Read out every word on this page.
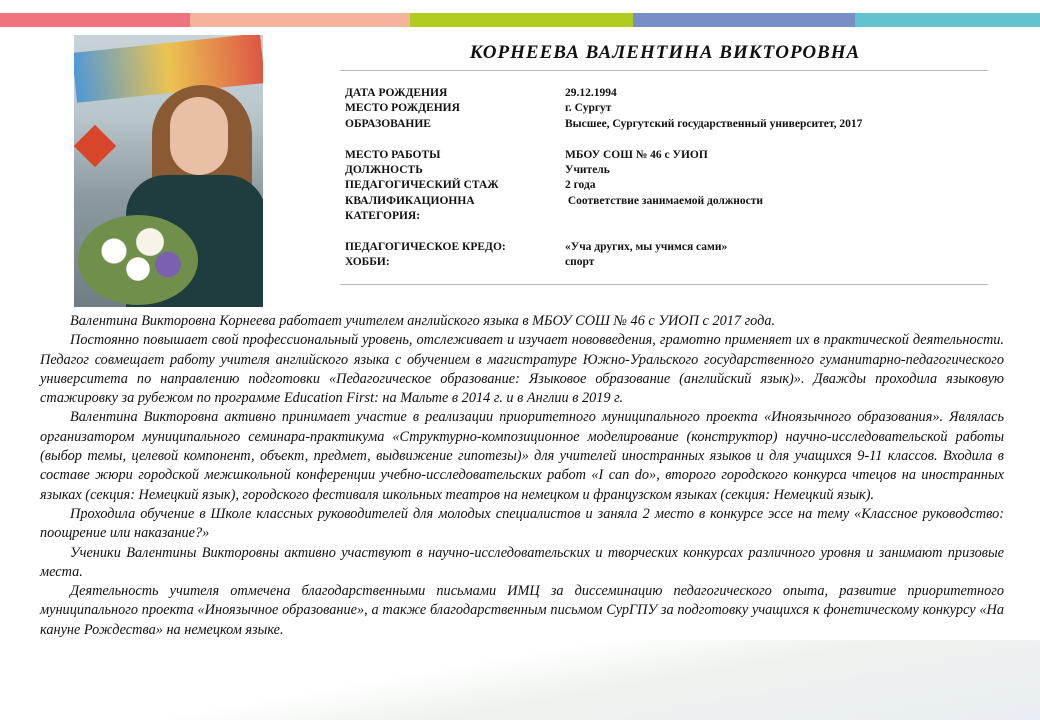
КОРНЕЕВА ВАЛЕНТИНА ВИКТОРОВНА
ДАТА РОЖДЕНИЯ	29.12.1994
МЕСТО РОЖДЕНИЯ	г. Сургут
ОБРАЗОВАНИЕ	Высшее, Сургутский государственный университет, 2017
МЕСТО РАБОТЫ	МБОУ СОШ № 46 с УИОП
ДОЛЖНОСТЬ	Учитель
ПЕДАГОГИЧЕСКИЙ СТАЖ	2 года
КВАЛИФИКАЦИОННА	Соответствие занимаемой должности
КАТЕГОРИЯ:
ПЕДАГОГИЧЕСКОЕ КРЕДО:	«Уча других, мы учимся сами»
ХОББИ:	спорт

Валентина Викторовна Корнеева работает учителем английского языка в МБОУ СОШ № 46 с УИОП с 2017 года.

Постоянно повышает свой профессиональный уровень, отслеживает и изучает нововведения, грамотно применяет их в практической деятельности. Педагог совмещает работу учителя английского языка с обучением в магистратуре Южно-Уральского государственного гуманитарно-педагогического университета по направлению подготовки «Педагогическое образование: Языковое образование (английский язык)». Дважды проходила языковую стажировку за рубежом по программе Education First: на Мальте в 2014 г. и в Англии в 2019 г.

Валентина Викторовна активно принимает участие в реализации приоритетного муниципального проекта «Иноязычного образования». Являлась организатором муниципального семинара-практикума «Структурно-композиционное моделирование (конструктор) научно-исследовательской работы (выбор темы, целевой компонент, объект, предмет, выдвижение гипотезы)» для учителей иностранных языков и для учащихся 9-11 классов. Входила в составе жюри городской межшкольной конференции учебно-исследовательских работ «I can do», второго городского конкурса чтецов на иностранных языках (секция: Немецкий язык), городского фестиваля школьных театров на немецком и французском языках (секция: Немецкий язык).

Проходила обучение в Школе классных руководителей для молодых специалистов и заняла 2 место в конкурсе эссе на тему «Классное руководство: поощрение или наказание?»

Ученики Валентины Викторовны активно участвуют в научно-исследовательских и творческих конкурсах различного уровня и занимают призовые места.

Деятельность учителя отмечена благодарственными письмами ИМЦ за диссеминацию педагогического опыта, развитие приоритетного муниципального проекта «Иноязычное образование», а также благодарственным письмом СурГПУ за подготовку учащихся к фонетическому конкурсу «На кануне Рождества» на немецком языке.
